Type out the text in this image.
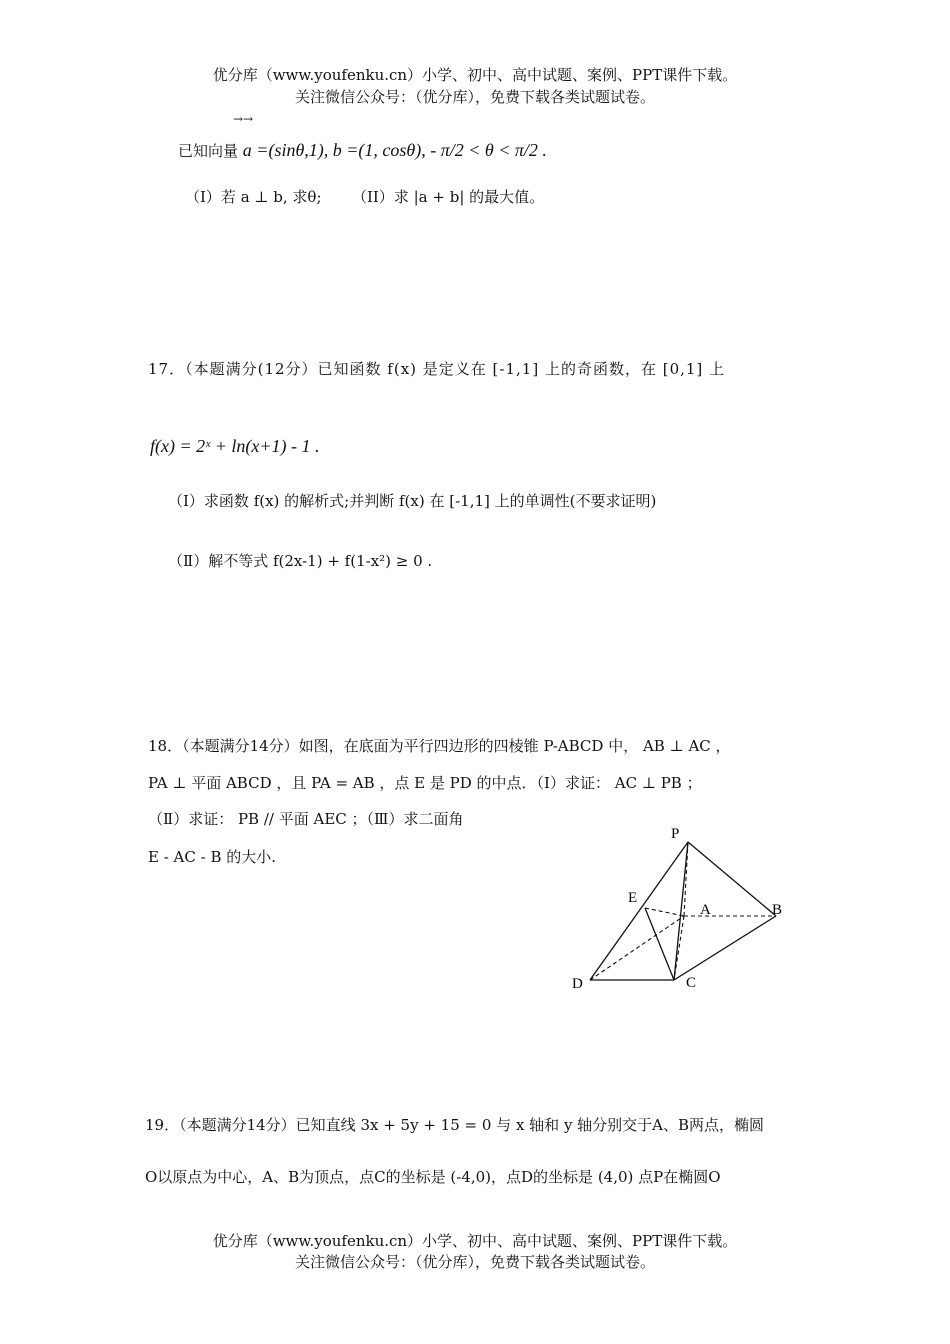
优分库（www.youfenku.cn）小学、初中、高中试题、案例、PPT课件下载。
关注微信公众号：（优分库），免费下载各类试题试卷。
→→
已知向量 a =(sinθ,1), b =(1, cosθ), - π/2 < θ < π/2 .
（I）若 a ⊥ b, 求θ; （II）求 |a + b| 的最大值。
17．（本题满分(12分）已知函数 f(x) 是定义在 [-1,1] 上的奇函数，在 [0,1] 上
f(x) = 2ˣ + ln(x+1) - 1 .
（Ⅰ）求函数 f(x) 的解析式;并判断 f(x) 在 [-1,1] 上的单调性(不要求证明)
（Ⅱ）解不等式 f(2x-1) + f(1-x²) ≥ 0 .
18．（本题满分14分）如图，在底面为平行四边形的四棱锥 P-ABCD 中， AB ⊥ AC ，
PA ⊥ 平面 ABCD ，且 PA = AB ，点 E 是 PD 的中点．（Ⅰ）求证： AC ⊥ PB ；
（Ⅱ）求证： PB // 平面 AEC ；（Ⅲ）求二面角
E - AC - B 的大小.
P
E
A	B
C
D
19．（本题满分14分）已知直线 3x + 5y + 15 = 0 与 x 轴和 y 轴分别交于A、B两点，椭圆
O以原点为中心，A、B为顶点，点C的坐标是 (-4,0)，点D的坐标是 (4,0) 点P在椭圆O
优分库（www.youfenku.cn）小学、初中、高中试题、案例、PPT课件下载。
关注微信公众号：（优分库），免费下载各类试题试卷。
